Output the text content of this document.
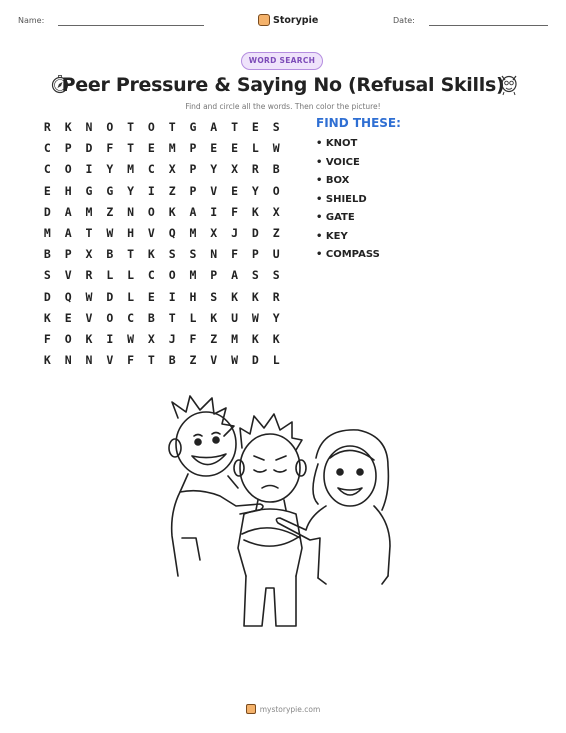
Name:	Storypie	Date:
WORD SEARCH
Peer Pressure & Saying No (Refusal Skills)
Find and circle all the words. Then color the picture!
R	K	N	O	T	O	T	G	A	T	E	S
C	P	D	F	T	E	M	P	E	E	L	W
C	O	I	Y	M	C	X	P	Y	X	R	B
E	H	G	G	Y	I	Z	P	V	E	Y	O
D	A	M	Z	N	O	K	A	I	F	K	X
M	A	T	W	H	V	Q	M	X	J	D	Z
B	P	X	B	T	K	S	S	N	F	P	U
S	V	R	L	L	C	O	M	P	A	S	S
D	Q	W	D	L	E	I	H	S	K	K	R
K	E	V	O	C	B	T	L	K	U	W	Y
F	O	K	I	W	X	J	F	Z	M	K	K
K	N	N	V	F	T	B	Z	V	W	D	L
FIND THESE:
• KNOT
• VOICE
• BOX
• SHIELD
• GATE
• KEY
• COMPASS
mystorypie.com
